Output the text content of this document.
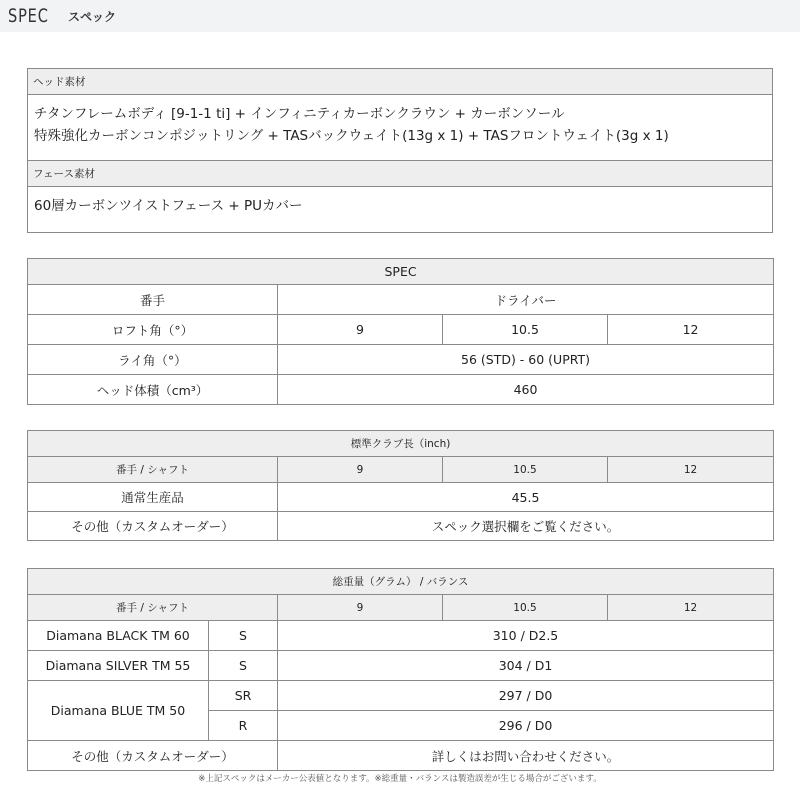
SPEC スペック
ヘッド素材

チタンフレームボディ [9-1-1 ti] + インフィニティカーボンクラウン + カーボンソール
特殊強化カーボンコンポジットリング + TASバックウェイト(13g x 1) + TASフロントウェイト(3g x 1)

フェース素材
60層カーボンツイストフェース + PUカバー
SPEC			
番手	ドライバー		
ロフト角（°）	9	10.5	12
ライ角（°）	56 (STD) - 60 (UPRT)		
ヘッド体積（cm³）	460		
標準クラブ長（inch)			
番手 / シャフト	9	10.5	12
通常生産品	45.5		
その他（カスタムオーダー）	スペック選択欄をご覧ください。		
総重量（グラム） / バランス				
番手 / シャフト		9	10.5	12
Diamana BLACK TM 60	S	310 / D2.5		
Diamana SILVER TM 55	S	304 / D1		
Diamana BLUE TM 50	SR	297 / D0		
	R	296 / D0		
その他（カスタムオーダー）		詳しくはお問い合わせください。		
※上記スペックはメーカー公表値となります。※総重量・バランスは製造誤差が生じる場合がございます。
